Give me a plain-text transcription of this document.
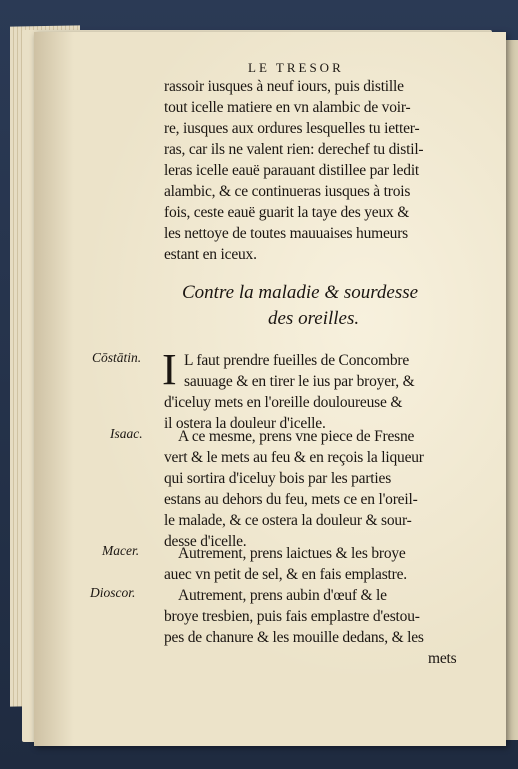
LE TRESOR
rassoir iusques à neuf iours, puis distille
tout icelle matiere en vn alambic de voir-
re, iusques aux ordures lesquelles tu ietter-
ras, car ils ne valent rien: derechef tu distil-
leras icelle eauë parauant distillee par ledit
alambic, & ce continueras iusques à trois
fois, ceste eauë guarit la taye des yeux &
les nettoye de toutes mauuaises humeurs
estant en iceux.
Contre la maladie & sourdesse
des oreilles.
Cōstātin. I L faut prendre fueilles de Concombre
sauuage & en tirer le ius par broyer, &
d'iceluy mets en l'oreille douloureuse &
il ostera la douleur d'icelle.
Isaac. A ce mesme, prens vne piece de Fresne
vert & le mets au feu & en reçois la liqueur
qui sortira d'iceluy bois par les parties
estans au dehors du feu, mets ce en l'oreil-
le malade, & ce ostera la douleur & sour-
desse d'icelle.
Macer.	Autrement, prens laictues & les broye
auec vn petit de sel, & en fais emplastre.
Dioscor.	Autrement, prens aubin d'œuf & le
broye tresbien, puis fais emplastre d'estou-
pes de chanure & les mouille dedans, & les
mets
